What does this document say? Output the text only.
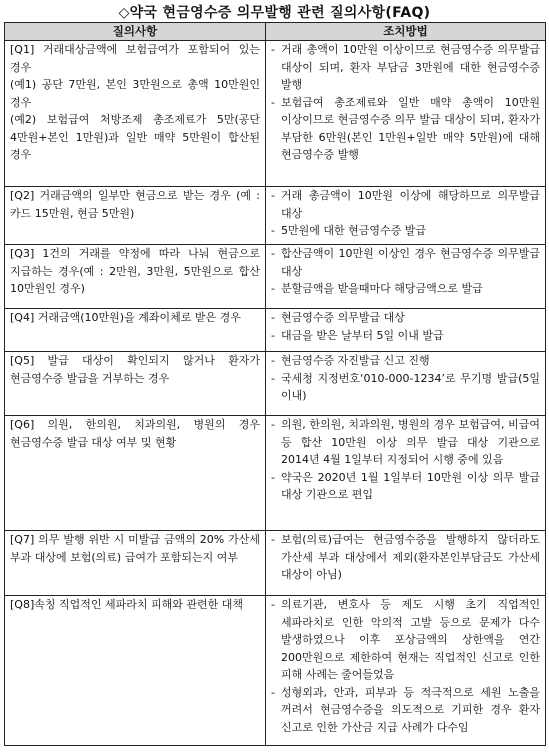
◇약국 현금영수증 의무발행 관련 질의사항(FAQ)
질의사항	조치방법

[Q1] 거래대상금액에 보험급여가 포함되어 있는 경우
(예1) 공단 7만원, 본인 3만원으로 총액 10만원인 경우
(예2) 보험급여 처방조제 총조제료가 5만(공단 4만원+본인 1만원)과 일반 매약 5만원이 합산된 경우	- 거래 총액이 10만원 이상이므로 현금영수증 의무발급 대상이 되며, 환자 부담금 3만원에 대한 현금영수증 발행
- 보험급여 총조제료와 일반 매약 총액이 10만원 이상이므로 현금영수증 의무 발급 대상이 되며, 환자가 부담한 6만원(본인 1만원+일반 매약 5만원)에 대해 현금영수증 발행

[Q2] 거래금액의 일부만 현금으로 받는 경우 (예 : 카드 15만원, 현금 5만원)	- 거래 총금액이 10만원 이상에 해당하므로 의무발급 대상
- 5만원에 대한 현금영수증 발급

[Q3] 1건의 거래를 약정에 따라 나눠 현금으로 지급하는 경우(예 : 2만원, 3만원, 5만원으로 합산 10만원인 경우)	- 합산금액이 10만원 이상인 경우 현금영수증 의무발급 대상
- 분할금액을 받을때마다 해당금액으로 발급

[Q4] 거래금액(10만원)을 계좌이체로 받은 경우	- 현금영수증 의무발급 대상
- 대금을 받은 날부터 5일 이내 발급

[Q5] 발급 대상이 확인되지 않거나 환자가 현금영수증 발급을 거부하는 경우	- 현금영수증 자진발급 신고 진행
- 국세청 지정번호‘010-000-1234’로 무기명 발급(5일 이내)

[Q6] 의원, 한의원, 치과의원, 병원의 경우 현금영수증 발급 대상 여부 및 현황	- 의원, 한의원, 치과의원, 병원의 경우 보험급여, 비급여 등 합산 10만원 이상 의무 발급 대상 기관으로 2014년 4월 1일부터 지정되어 시행 중에 있음
- 약국은 2020년 1월 1일부터 10만원 이상 의무 발급 대상 기관으로 편입

[Q7] 의무 발행 위반 시 미발급 금액의 20% 가산세 부과 대상에 보험(의료) 급여가 포함되는지 여부	- 보험(의료)급여는 현금영수증을 발행하지 않더라도 가산세 부과 대상에서 제외(환자본인부담금도 가산세 대상이 아님)

[Q8]속칭 직업적인 세파라치 피해와 관련한 대책	- 의료기관, 변호사 등 제도 시행 초기 직업적인 세파라치로 인한 악의적 고발 등으로 문제가 다수 발생하였으나 이후 포상금액의 상한액을 연간 200만원으로 제한하여 현재는 직업적인 신고로 인한 피해 사례는 줄어들었음
- 성형외과, 안과, 피부과 등 적극적으로 세원 노출을 꺼려서 현금영수증을 의도적으로 기피한 경우 환자 신고로 인한 가산금 지급 사례가 다수임
